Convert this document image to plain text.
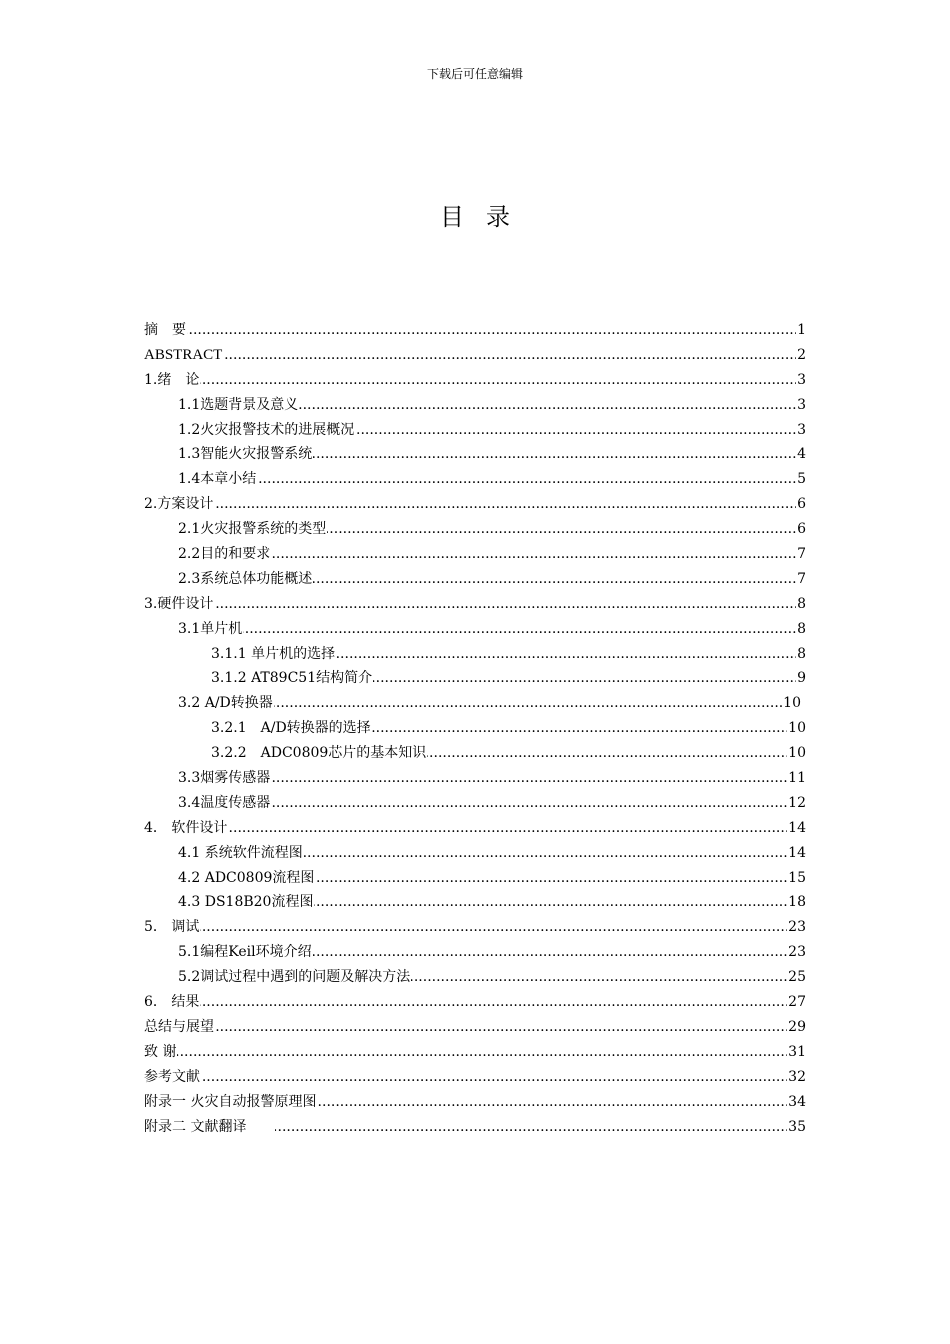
下载后可任意编辑
目录
.....
摘　要	1
.....
ABSTRACT	2
.....
1.绪　论	3
.....
1.1选题背景及意义	3
.....
1.2火灾报警技术的进展概况	3
.....
1.3智能火灾报警系统	4
.....
1.4本章小结	5
.....
2.方案设计	6
.....
2.1火灾报警系统的类型	6
.....
2.2目的和要求	7
.....
2.3系统总体功能概述	7
.....
3.硬件设计	8
.....
3.1单片机	8
.....
3.1.1 单片机的选择	8
.....
3.1.2 AT89C51结构简介	9
.....
3.2 A/D转换器	10
.....
3.2.1　A/D转换器的选择	10
.....
3.2.2　ADC0809芯片的基本知识	10
.....
3.3烟雾传感器	11
.....
3.4温度传感器	12
.....
4． 软件设计	14
.....
4.1 系统软件流程图	14
.....
4.2 ADC0809流程图	15
.....
4.3 DS18B20流程图	18
.....
5． 调试	23
.....
5.1编程Keil环境介绍	23
.....
5.2调试过程中遇到的问题及解决方法	25
.....
6． 结果	27
.....
总结与展望	29
.....
致 谢	31
.....
参考文献	32
.....
附录一 火灾自动报警原理图	34
.....
附录二 文献翻译　　	35
